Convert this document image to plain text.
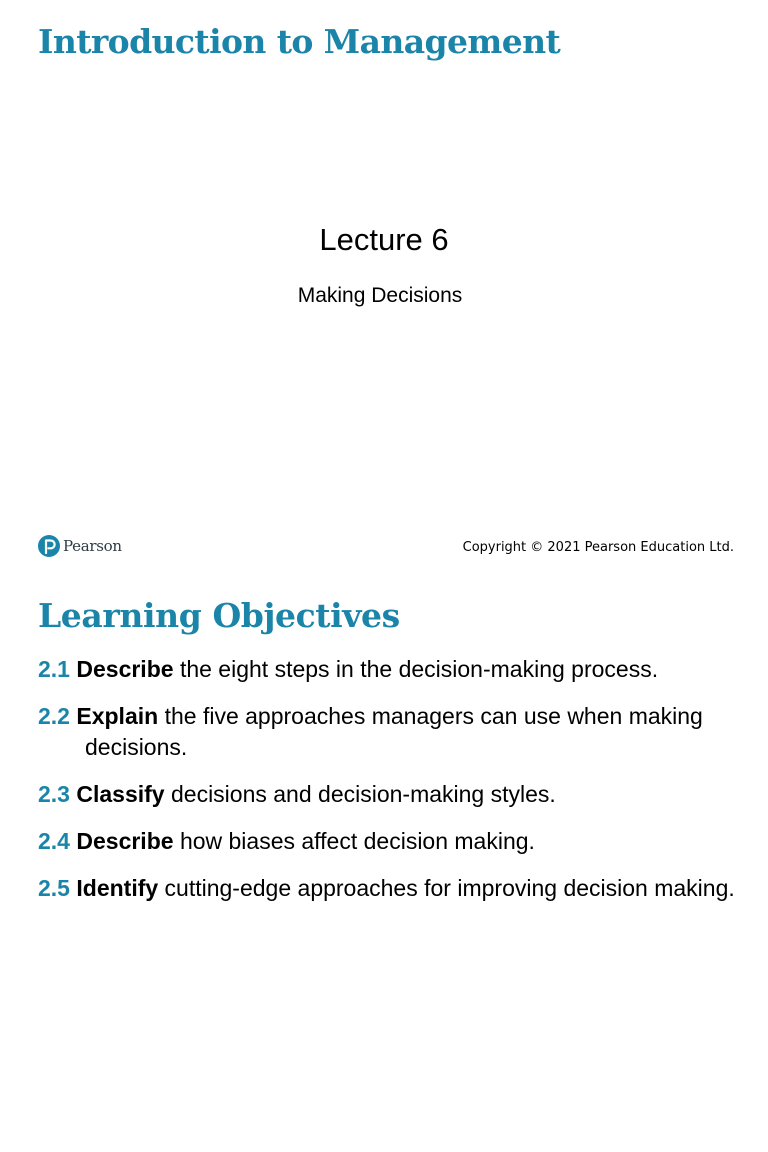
Introduction to Management

Lecture 6

Making Decisions

Pearson	Copyright © 2021 Pearson Education Ltd.
Learning Objectives
2.1 Describe the eight steps in the decision-making process.
2.2 Explain the five approaches managers can use when making decisions.
2.3 Classify decisions and decision-making styles.
2.4 Describe how biases affect decision making.
2.5 Identify cutting-edge approaches for improving decision making.
